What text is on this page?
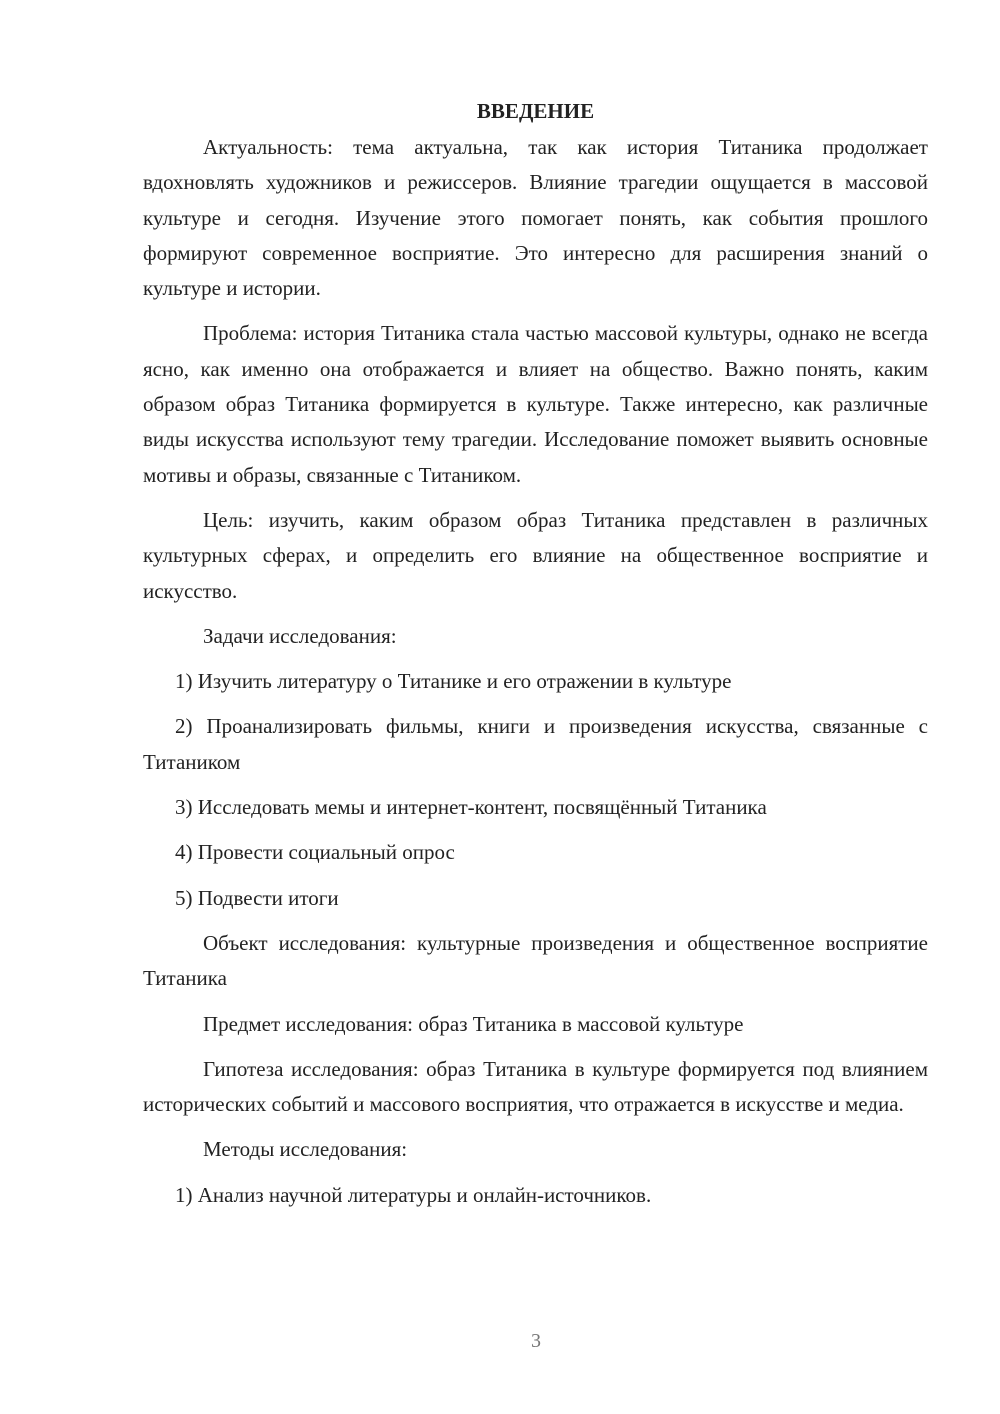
ВВЕДЕНИЕ

Актуальность: тема актуальна, так как история Титаника продолжает вдохновлять художников и режиссеров. Влияние трагедии ощущается в массовой культуре и сегодня. Изучение этого помогает понять, как события прошлого формируют современное восприятие. Это интересно для расширения знаний о культуре и истории.

Проблема: история Титаника стала частью массовой культуры, однако не всегда ясно, как именно она отображается и влияет на общество. Важно понять, каким образом образ Титаника формируется в культуре. Также интересно, как различные виды искусства используют тему трагедии. Исследование поможет выявить основные мотивы и образы, связанные с Титаником.

Цель: изучить, каким образом образ Титаника представлен в различных культурных сферах, и определить его влияние на общественное восприятие и искусство.

Задачи исследования:

1) Изучить литературу о Титанике и его отражении в культуре

2) Проанализировать фильмы, книги и произведения искусства, связанные с Титаником

3) Исследовать мемы и интернет-контент, посвящённый Титаника

4) Провести социальный опрос

5) Подвести итоги

Объект исследования: культурные произведения и общественное восприятие Титаника

Предмет исследования: образ Титаника в массовой культуре

Гипотеза исследования: образ Титаника в культуре формируется под влиянием исторических событий и массового восприятия, что отражается в искусстве и медиа.

Методы исследования:

1) Анализ научной литературы и онлайн-источников.

3
